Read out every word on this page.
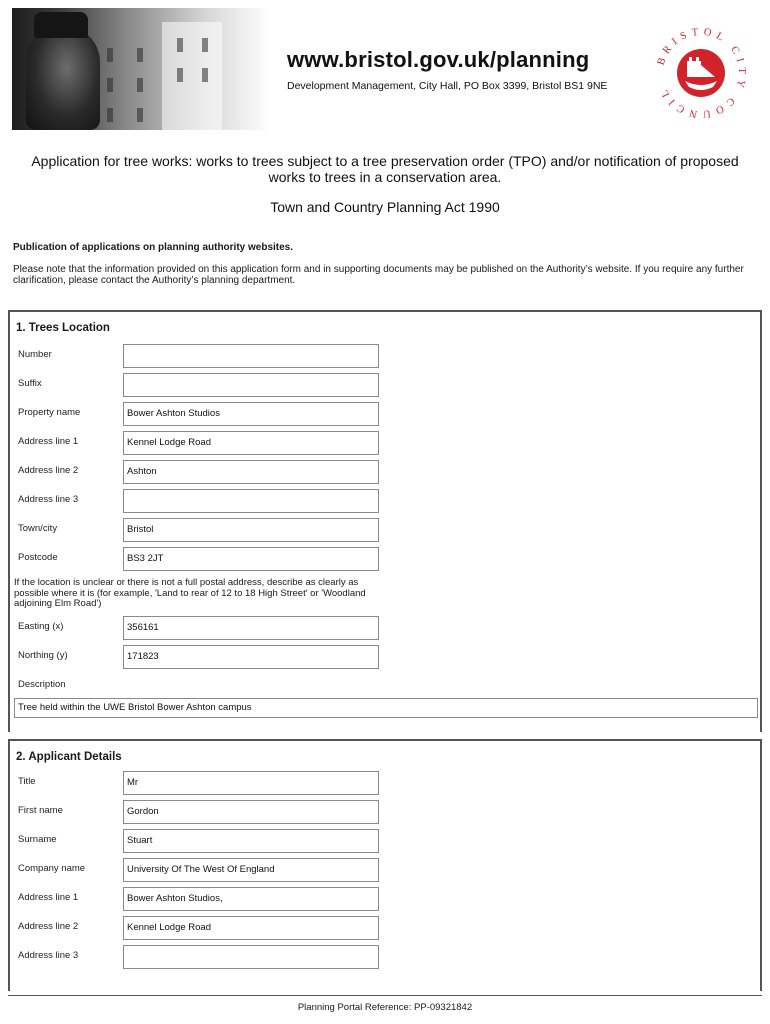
www.bristol.gov.uk/planning
Development Management, City Hall, PO Box 3399, Bristol BS1 9NE
BRISTOL CITY COUNCIL
Application for tree works: works to trees subject to a tree preservation order (TPO) and/or notification of proposed works to trees in a conservation area.
Town and Country Planning Act 1990
Publication of applications on planning authority websites.
Please note that the information provided on this application form and in supporting documents may be published on the Authority’s website. If you require any further clarification, please contact the Authority’s planning department.
1. Trees Location
Number
Suffix
Property name	Bower Ashton Studios
Address line 1	Kennel Lodge Road
Address line 2	Ashton
Address line 3
Town/city	Bristol
Postcode	BS3 2JT
If the location is unclear or there is not a full postal address, describe as clearly as possible where it is (for example, 'Land to rear of 12 to 18 High Street' or 'Woodland adjoining Elm Road')
Easting (x)	356161
Northing (y)	171823
Description
Tree held within the UWE Bristol Bower Ashton campus
2. Applicant Details
Title	Mr
First name	Gordon
Surname	Stuart
Company name	University Of The West Of England
Address line 1	Bower Ashton Studios,
Address line 2	Kennel Lodge Road
Address line 3
Planning Portal Reference: PP-09321842
